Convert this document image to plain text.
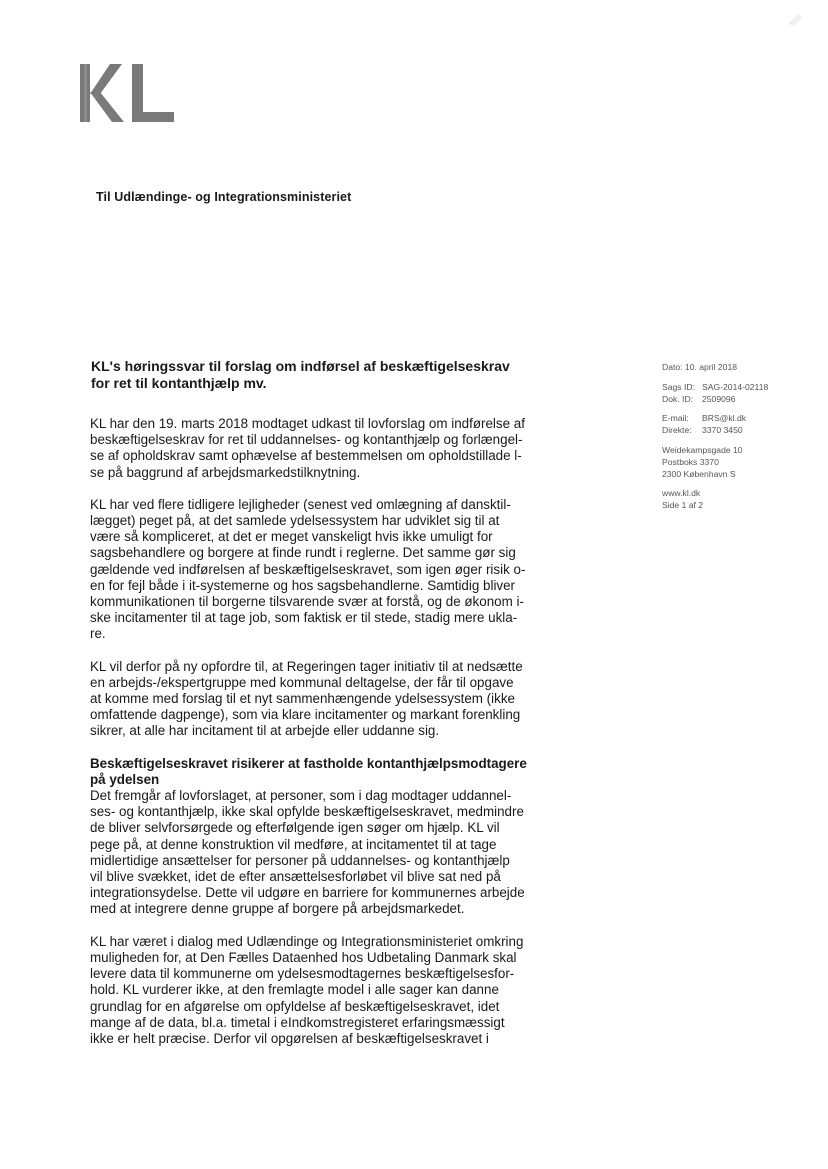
Til Udlændinge- og Integrationsministeriet
KL's høringssvar til forslag om indførsel af beskæftigelseskrav
for ret til kontanthjælp mv.
Dato: 10. april 2018
Sags ID: SAG-2014-02118
Dok. ID:	2509096
E-mail:	BRS@kl.dk
Direkte:	3370 3450
Weidekampsgade 10
Postboks 3370
2300 København S
www.kl.dk
Side 1 af 2

KL har den 19. marts 2018 modtaget udkast til lovforslag om indførelse af
beskæftigelseskrav for ret til uddannelses- og kontanthjælp og forlængel-
se af opholdskrav samt ophævelse af bestemmelsen om opholdstillade l-
se på baggrund af arbejdsmarkedstilknytning.

KL har ved flere tidligere lejligheder (senest ved omlægning af dansktil-
lægget) peget på, at det samlede ydelsessystem har udviklet sig til at
være så kompliceret, at det er meget vanskeligt hvis ikke umuligt for
sagsbehandlere og borgere at finde rundt i reglerne. Det samme gør sig
gældende ved indførelsen af beskæftigelseskravet, som igen øger risik o-
en for fejl både i it-systemerne og hos sagsbehandlerne. Samtidig bliver
kommunikationen til borgerne tilsvarende svær at forstå, og de økonom i-
ske incitamenter til at tage job, som faktisk er til stede, stadig mere ukla-
re.

KL vil derfor på ny opfordre til, at Regeringen tager initiativ til at nedsætte
en arbejds-/ekspertgruppe med kommunal deltagelse, der får til opgave
at komme med forslag til et nyt sammenhængende ydelsessystem (ikke
omfattende dagpenge), som via klare incitamenter og markant forenkling
sikrer, at alle har incitament til at arbejde eller uddanne sig.

Beskæftigelseskravet risikerer at fastholde kontanthjælpsmodtagere
på ydelsen
Det fremgår af lovforslaget, at personer, som i dag modtager uddannel-
ses- og kontanthjælp, ikke skal opfylde beskæftigelseskravet, medmindre
de bliver selvforsørgede og efterfølgende igen søger om hjælp. KL vil
pege på, at denne konstruktion vil medføre, at incitamentet til at tage
midlertidige ansættelser for personer på uddannelses- og kontanthjælp
vil blive svækket, idet de efter ansættelsesforløbet vil blive sat ned på
integrationsydelse. Dette vil udgøre en barriere for kommunernes arbejde
med at integrere denne gruppe af borgere på arbejdsmarkedet.
KL har været i dialog med Udlændinge og Integrationsministeriet omkring
muligheden for, at Den Fælles Dataenhed hos Udbetaling Danmark skal
levere data til kommunerne om ydelsesmodtagernes beskæftigelsesfor-
hold. KL vurderer ikke, at den fremlagte model i alle sager kan danne
grundlag for en afgørelse om opfyldelse af beskæftigelseskravet, idet
mange af de data, bl.a. timetal i eIndkomstregisteret erfaringsmæssigt
ikke er helt præcise. Derfor vil opgørelsen af beskæftigelseskravet i
